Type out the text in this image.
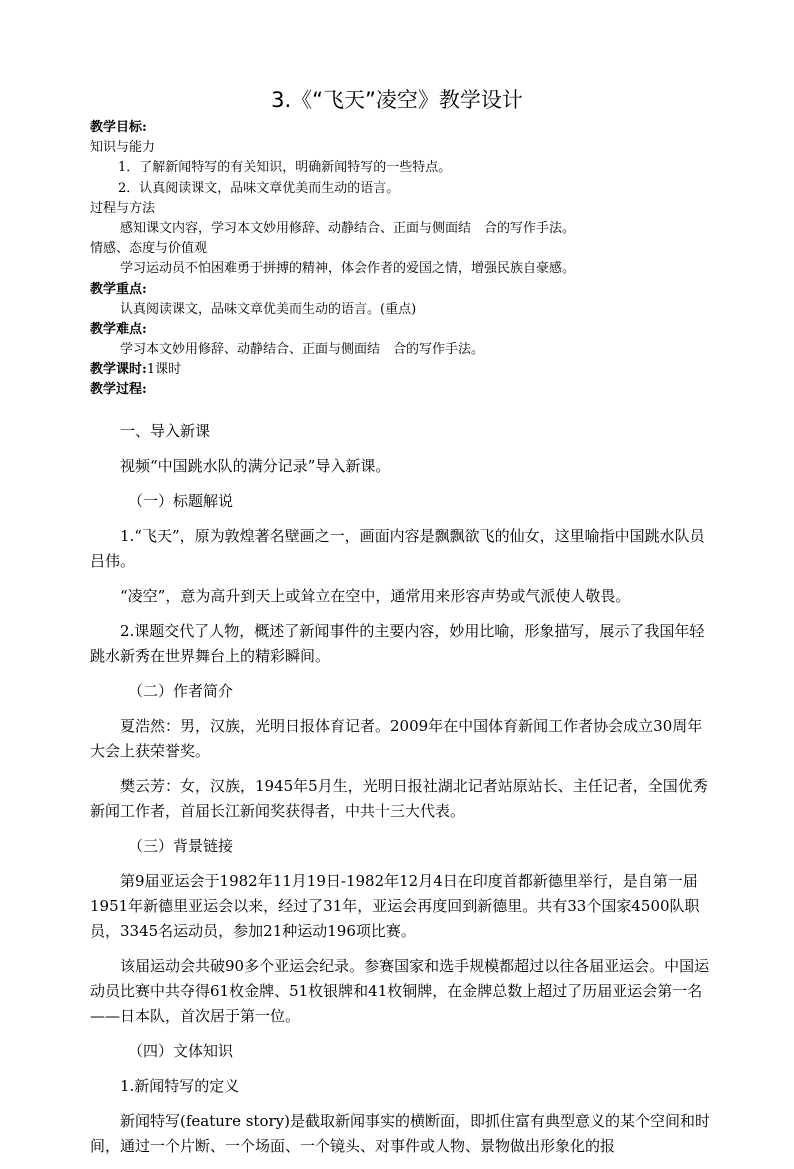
3.《“飞天”凌空》教学设计
教学目标:
知识与能力
1．了解新闻特写的有关知识，明确新闻特写的一些特点。
2．认真阅读课文，品味文章优美而生动的语言。
过程与方法
感知课文内容，学习本文妙用修辞、动静结合、正面与侧面结　合的写作手法。
情感、态度与价值观
学习运动员不怕困难勇于拼搏的精神，体会作者的爱国之情，增强民族自豪感。
教学重点:
认真阅读课文，品味文章优美而生动的语言。(重点)
教学难点:
学习本文妙用修辞、动静结合、正面与侧面结　合的写作手法。
教学课时:1课时
教学过程:

一、导入新课

视频“中国跳水队的满分记录”导入新课。

（一）标题解说

1.“飞天”，原为敦煌著名壁画之一，画面内容是飘飘欲飞的仙女，这里喻指中国跳水队员吕伟。

“凌空”，意为高升到天上或耸立在空中，通常用来形容声势或气派使人敬畏。

2.课题交代了人物，概述了新闻事件的主要内容，妙用比喻，形象描写，展示了我国年轻跳水新秀在世界舞台上的精彩瞬间。

（二）作者简介

夏浩然：男，汉族，光明日报体育记者。2009年在中国体育新闻工作者协会成立30周年大会上获荣誉奖。

樊云芳：女，汉族，1945年5月生，光明日报社湖北记者站原站长、主任记者，全国优秀新闻工作者，首届长江新闻奖获得者，中共十三大代表。

（三）背景链接

第9届亚运会于1982年11月19日-1982年12月4日在印度首都新德里举行，是自第一届1951年新德里亚运会以来，经过了31年，亚运会再度回到新德里。共有33个国家4500队职员，3345名运动员，参加21种运动196项比赛。

该届运动会共破90多个亚运会纪录。参赛国家和选手规模都超过以往各届亚运会。中国运动员比赛中共夺得61枚金牌、51枚银牌和41枚铜牌，在金牌总数上超过了历届亚运会第一名——日本队，首次居于第一位。

（四）文体知识

1.新闻特写的定义

新闻特写(feature story)是截取新闻事实的横断面，即抓住富有典型意义的某个空间和时间，通过一个片断、一个场面、一个镜头、对事件或人物、景物做出形象化的报
